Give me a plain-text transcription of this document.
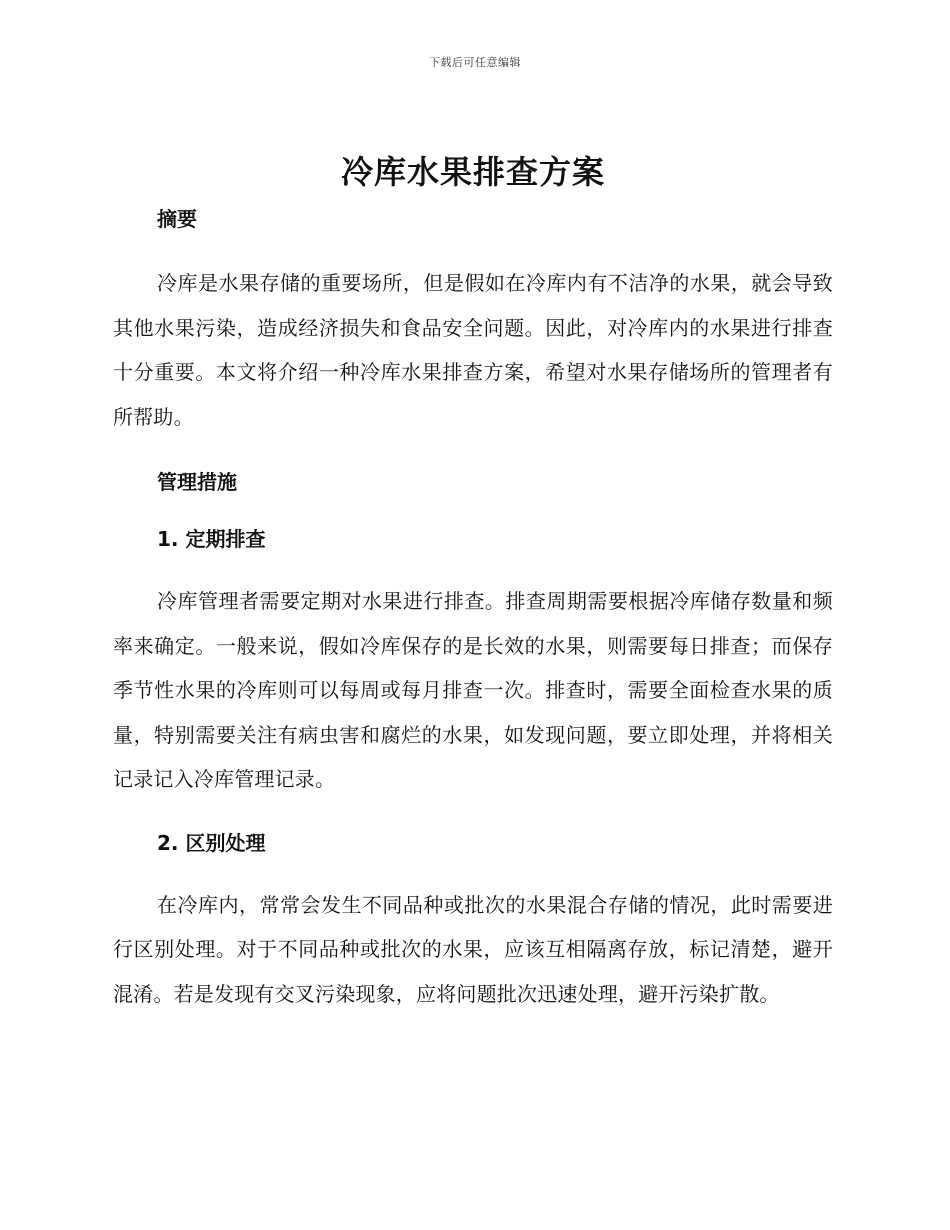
下载后可任意编辑
冷库水果排查方案
摘要

冷库是水果存储的重要场所，但是假如在冷库内有不洁净的水果，就会导致其他水果污染，造成经济损失和食品安全问题。因此，对冷库内的水果进行排查十分重要。本文将介绍一种冷库水果排查方案，希望对水果存储场所的管理者有所帮助。

管理措施
1. 定期排查

冷库管理者需要定期对水果进行排查。排查周期需要根据冷库储存数量和频率来确定。一般来说，假如冷库保存的是长效的水果，则需要每日排查；而保存季节性水果的冷库则可以每周或每月排查一次。排查时，需要全面检查水果的质量，特别需要关注有病虫害和腐烂的水果，如发现问题，要立即处理，并将相关记录记入冷库管理记录。

2. 区别处理

在冷库内，常常会发生不同品种或批次的水果混合存储的情况，此时需要进行区别处理。对于不同品种或批次的水果，应该互相隔离存放，标记清楚，避开混淆。若是发现有交叉污染现象，应将问题批次迅速处理，避开污染扩散。
